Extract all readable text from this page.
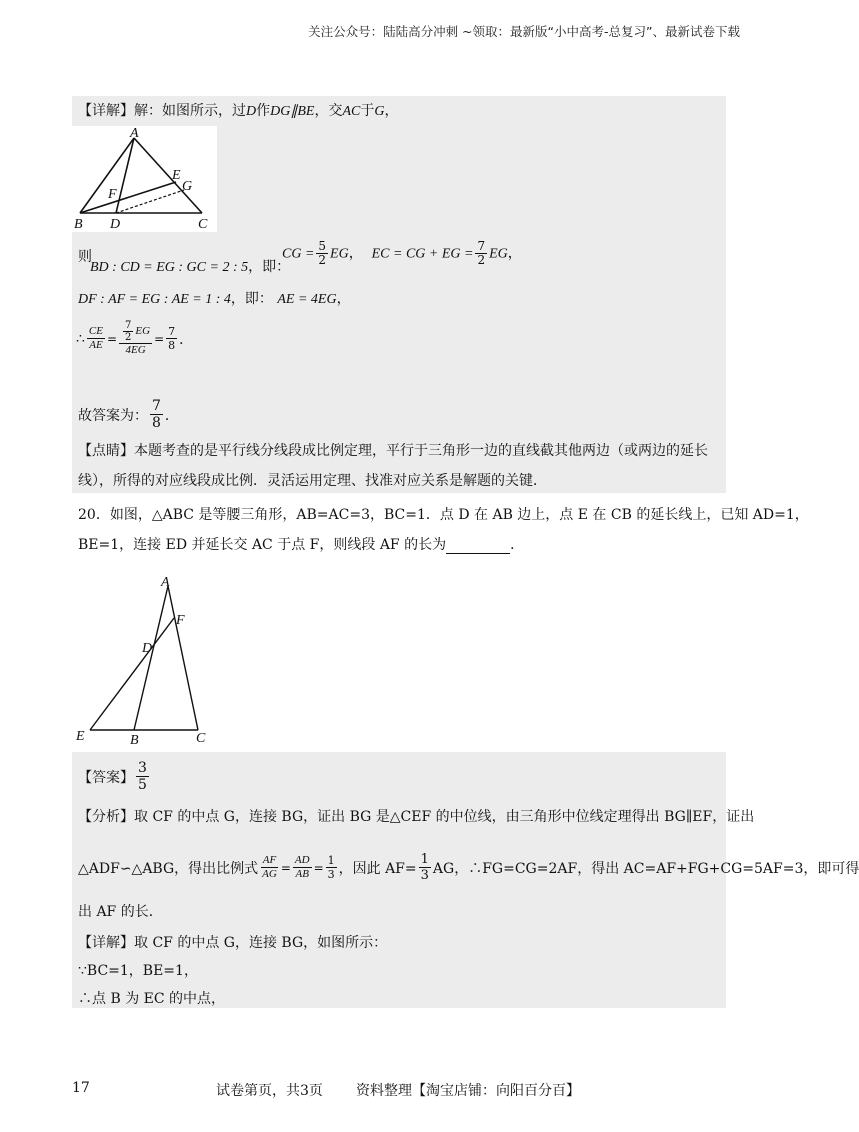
关注公众号：陆陆高分冲刺 ~领取：最新版“小中高考-总复习”、最新试卷下载
【详解】解：如图所示，过D作DG∥BE，交AC于G，
A
B	C
D
E
F
G
则
BD : CD = EG : GC = 2 : 5，即：
CG = $\frac{5}{2}$ EG， EC = CG + EG = $\frac{7}{2}$ EG，
DF : AF = EG : AE = 1 : 4，即： AE = 4EG，
∴ $\frac{CE}{AE} = \frac{\frac{7}{2} EG}{4EG} = \frac{7}{8}$ ．
故答案为： $\frac{7}{8}$ ．
【点睛】本题考查的是平行线分线段成比例定理，平行于三角形一边的直线截其他两边（或两边的延长
线），所得的对应线段成比例．灵活运用定理、找准对应关系是解题的关键．
20．如图，△ABC 是等腰三角形，AB=AC=3，BC=1．点 D 在 AB 边上，点 E 在 CB 的延长线上，已知 AD=1，
BE=1，连接 ED 并延长交 AC 于点 F，则线段 AF 的长为	．
A
F
D
E	B	C
【答案】 $\frac{3}{5}$
【分析】取 CF 的中点 G，连接 BG，证出 BG 是△CEF 的中位线，由三角形中位线定理得出 BG∥EF，证出
△ADF∽△ABG，得出比例式 $\frac{AF}{AG} = \frac{AD}{AB} = \frac{1}{3}$ ，因此 $AF= \frac{1}{3}$ AG，∴FG=CG=2AF，得出 AC=AF+FG+CG=5AF=3，即可得
出 AF 的长．
【详解】取 CF 的中点 G，连接 BG，如图所示：
∵BC=1，BE=1，
∴点 B 为 EC 的中点，
17	试卷第页，共3页 资料整理【淘宝店铺：向阳百分百】
